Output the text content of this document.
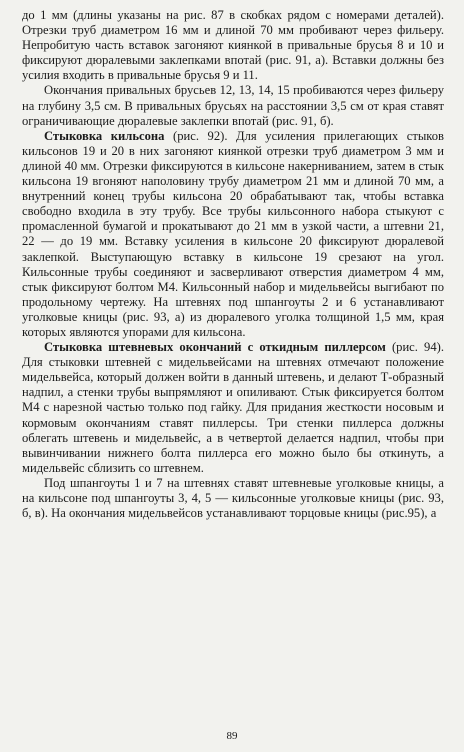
до 1 мм (длины указаны на рис. 87 в скобках рядом с номерами деталей). Отрезки труб диаметром 16 мм и длиной 70 мм пробивают через фильеру. Непробитую часть вставок загоняют киянкой в привальные брусья 8 и 10 и фиксируют дюралевыми заклепками впотай (рис. 91, а). Вставки должны без усилия входить в привальные брусья 9 и 11.

Окончания привальных брусьев 12, 13, 14, 15 пробиваются через фильеру на глубину 3,5 см. В привальных брусьях на расстоянии 3,5 см от края ставят ограничивающие дюралевые заклепки впотай (рис. 91, б).

Стыковка кильсона (рис. 92). Для усиления прилегающих стыков кильсонов 19 и 20 в них загоняют киянкой отрезки труб диаметром 3 мм и длиной 40 мм. Отрезки фиксируются в кильсоне накерниванием, затем в стык кильсона 19 вгоняют наполовину трубу диаметром 21 мм и длиной 70 мм, а внутренний конец трубы кильсона 20 обрабатывают так, чтобы вставка свободно входила в эту трубу. Все трубы кильсонного набора стыкуют с промасленной бумагой и прокатывают до 21 мм в узкой части, а штевни 21, 22 — до 19 мм. Вставку усиления в кильсоне 20 фиксируют дюралевой заклепкой. Выступающую вставку в кильсоне 19 срезают на угол. Кильсонные трубы соединяют и засверливают отверстия диаметром 4 мм, стык фиксируют болтом М4. Кильсонный набор и мидельвейсы выгибают по продольному чертежу. На штевнях под шпангоуты 2 и 6 устанавливают уголковые кницы (рис. 93, а) из дюралевого уголка толщиной 1,5 мм, края которых являются упорами для кильсона.

Стыковка штевневых окончаний с откидным пиллерсом (рис. 94). Для стыковки штевней с мидельвейсами на штевнях отмечают положение мидельвейса, который должен войти в данный штевень, и делают Т-образный надпил, а стенки трубы выпрямляют и опиливают. Стык фиксируется болтом М4 с нарезной частью только под гайку. Для придания жесткости носовым и кормовым окончаниям ставят пиллерсы. Три стенки пиллерса должны облегать штевень и мидельвейс, а в четвертой делается надпил, чтобы при вывинчивании нижнего болта пиллерса его можно было бы откинуть, а мидельвейс сблизить со штевнем.

Под шпангоуты 1 и 7 на штевнях ставят штевневые уголковые кницы, а на кильсоне под шпангоуты 3, 4, 5 — кильсонные уголковые кницы (рис. 93, б, в). На окончания мидельвейсов устанавливают торцовые кницы (рис.95), а

89
